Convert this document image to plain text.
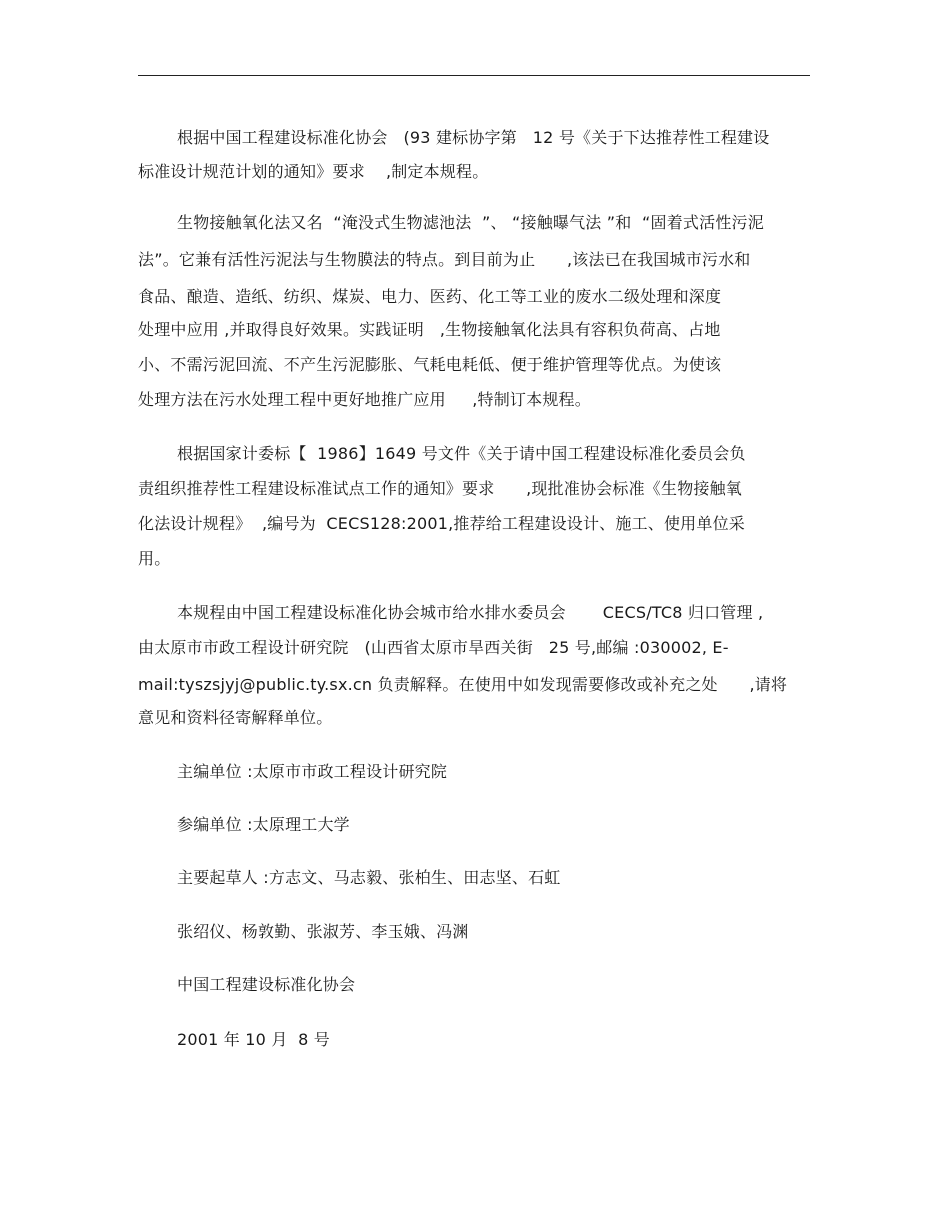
根据中国工程建设标准化协会   (93 建标协字第   12 号《关于下达推荐性工程建设
标准设计规范计划的通知》要求    ,制定本规程。
生物接触氧化法又名  “淹没式生物滤池法  ”、 “接触曝气法 ”和  “固着式活性污泥
法”。它兼有活性污泥法与生物膜法的特点。到目前为止      ,该法已在我国城市污水和
食品、酿造、造纸、纺织、煤炭、电力、医药、化工等工业的废水二级处理和深度
处理中应用 ,并取得良好效果。实践证明   ,生物接触氧化法具有容积负荷高、占地
小、不需污泥回流、不产生污泥膨胀、气耗电耗低、便于维护管理等优点。为使该
处理方法在污水处理工程中更好地推广应用     ,特制订本规程。
根据国家计委标【  1986】1649 号文件《关于请中国工程建设标准化委员会负
责组织推荐性工程建设标准试点工作的通知》要求      ,现批准协会标准《生物接触氧
化法设计规程》  ,编号为  CECS128:2001,推荐给工程建设设计、施工、使用单位采
用。
本规程由中国工程建设标准化协会城市给水排水委员会       CECS/TC8 归口管理 ,
由太原市市政工程设计研究院   (山西省太原市旱西关街   25 号,邮编 :030002, E-
mail:tyszsjyj@public.ty.sx.cn 负责解释。在使用中如发现需要修改或补充之处      ,请将
意见和资料径寄解释单位。
主编单位 :太原市市政工程设计研究院
参编单位 :太原理工大学
主要起草人 :方志文、马志毅、张柏生、田志坚、石虹
张绍仪、杨敦勤、张淑芳、李玉娥、冯渊
中国工程建设标准化协会
2001 年 10 月  8 号
